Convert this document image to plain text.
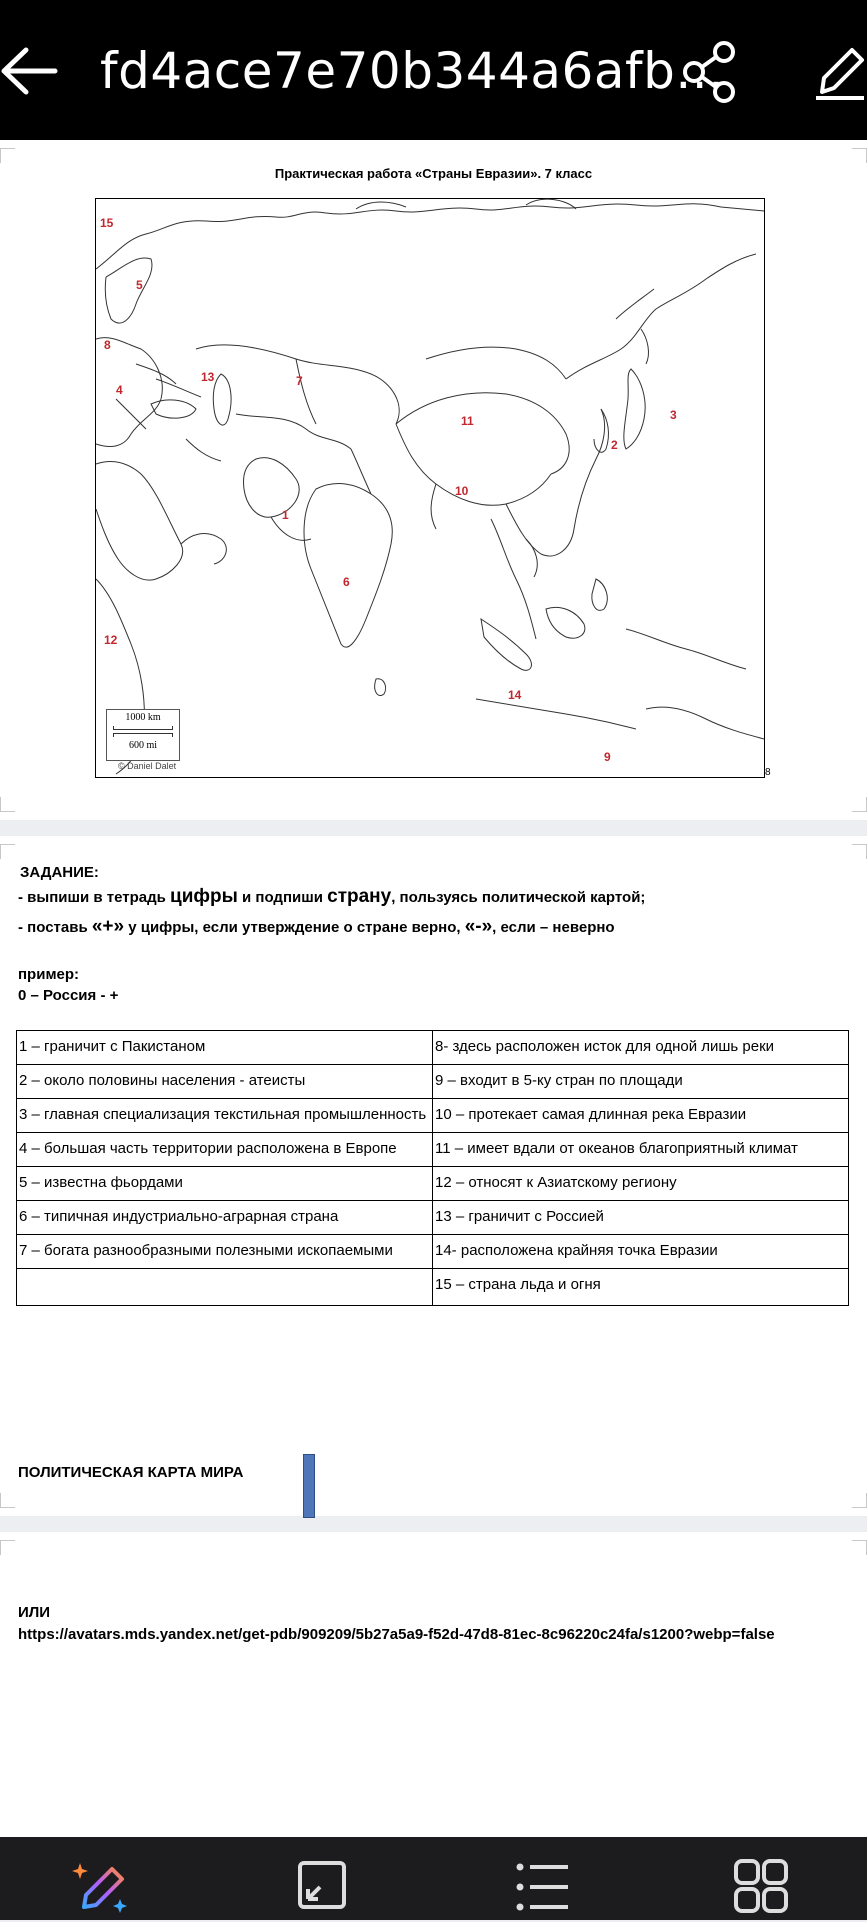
fd4ace7e70b344a6afb...
Практическая работа «Страны Евразии». 7 класс
15
5
8
4
13	7
11	3
2
10
1
6
12
14
9
1000 km
600 mi
© Daniel Dalet
8
ЗАДАНИЕ:
- выпиши в тетрадь цифры и подпиши страну, пользуясь политической картой;
- поставь «+» у цифры, если утверждение о стране верно, «-», если – неверно
пример:
0 – Россия - +
1 – граничит с Пакистаном	8- здесь расположен исток для одной лишь реки
2 – около половины населения - атеисты	9 – входит в 5-ку стран по площади
3 – главная специализация текстильная промышленность	10 – протекает самая длинная река Евразии
4 – большая часть территории расположена в Европе	11 – имеет вдали от океанов благоприятный климат
5 – известна фьордами	12 – относят к Азиатскому региону
6 – типичная индустриально-аграрная страна	13 – граничит с Россией
7 – богата разнообразными полезными ископаемыми	14- расположена крайняя точка Евразии
	15 – страна льда и огня
ПОЛИТИЧЕСКАЯ КАРТА МИРА
ИЛИ
https://avatars.mds.yandex.net/get-pdb/909209/5b27a5a9-f52d-47d8-81ec-8c96220c24fa/s1200?webp=false
